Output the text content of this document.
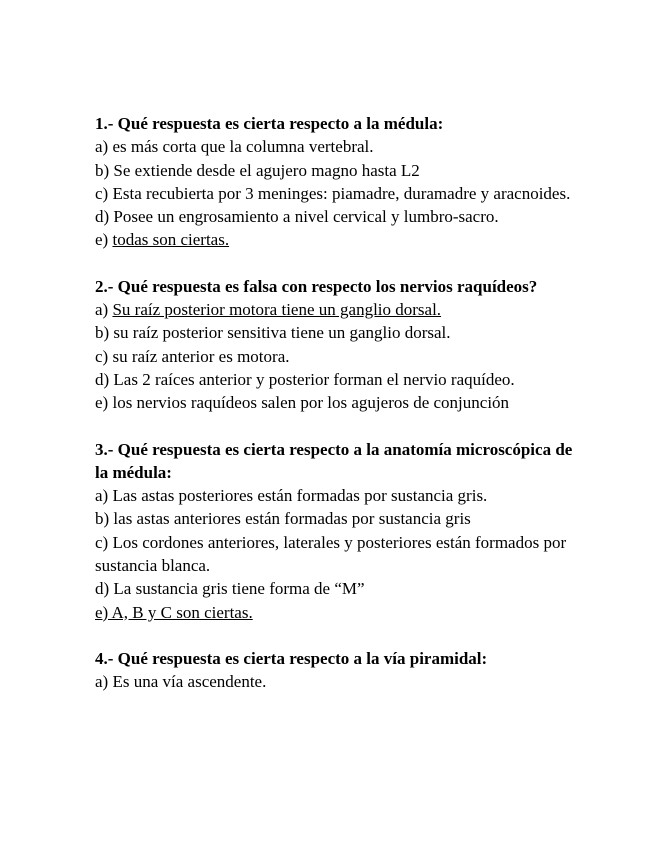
1.- Qué respuesta es cierta respecto a la médula:

a) es más corta que la columna vertebral.

b) Se extiende desde el agujero magno hasta L2

c) Esta recubierta por 3 meninges: piamadre, duramadre y aracnoides.

d) Posee un engrosamiento a nivel cervical y lumbro-sacro.

e) todas son ciertas.

2.- Qué respuesta es falsa con respecto los nervios raquídeos?

a) Su raíz posterior motora tiene un ganglio dorsal.

b) su raíz posterior sensitiva tiene un ganglio dorsal.

c) su raíz anterior es motora.

d) Las 2 raíces anterior y posterior forman el nervio raquídeo.

e) los nervios raquídeos salen por los agujeros de conjunción

3.- Qué respuesta es cierta respecto a la anatomía microscópica de la médula:

a) Las astas posteriores están formadas por sustancia gris.

b) las astas anteriores están formadas por sustancia gris

c) Los cordones anteriores, laterales y posteriores están formados por sustancia blanca.

d) La sustancia gris tiene forma de “M”

e) A, B y C son ciertas.

4.- Qué respuesta es cierta respecto a la vía piramidal:

a) Es una vía ascendente.
